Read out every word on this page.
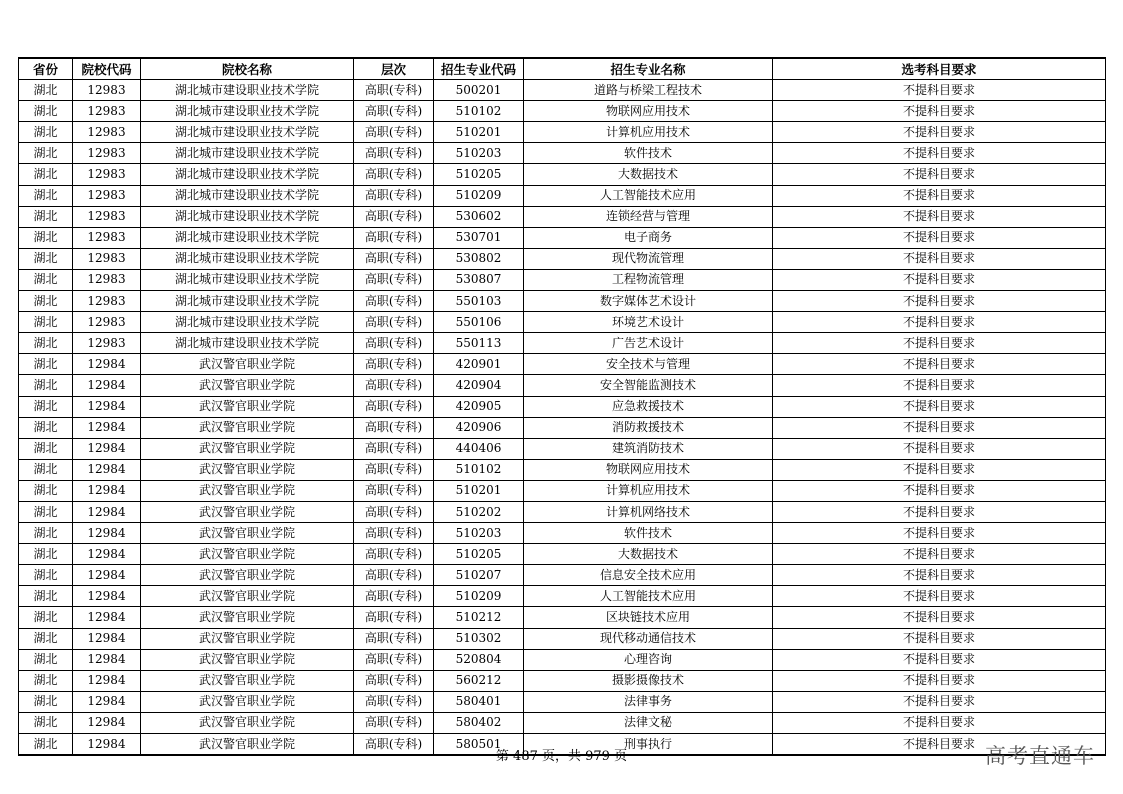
省份	院校代码	院校名称	层次	招生专业代码	招生专业名称	选考科目要求
湖北	12983	湖北城市建设职业技术学院	高职(专科)	500201	道路与桥梁工程技术	不提科目要求
湖北	12983	湖北城市建设职业技术学院	高职(专科)	510102	物联网应用技术	不提科目要求
湖北	12983	湖北城市建设职业技术学院	高职(专科)	510201	计算机应用技术	不提科目要求
湖北	12983	湖北城市建设职业技术学院	高职(专科)	510203	软件技术	不提科目要求
湖北	12983	湖北城市建设职业技术学院	高职(专科)	510205	大数据技术	不提科目要求
湖北	12983	湖北城市建设职业技术学院	高职(专科)	510209	人工智能技术应用	不提科目要求
湖北	12983	湖北城市建设职业技术学院	高职(专科)	530602	连锁经营与管理	不提科目要求
湖北	12983	湖北城市建设职业技术学院	高职(专科)	530701	电子商务	不提科目要求
湖北	12983	湖北城市建设职业技术学院	高职(专科)	530802	现代物流管理	不提科目要求
湖北	12983	湖北城市建设职业技术学院	高职(专科)	530807	工程物流管理	不提科目要求
湖北	12983	湖北城市建设职业技术学院	高职(专科)	550103	数字媒体艺术设计	不提科目要求
湖北	12983	湖北城市建设职业技术学院	高职(专科)	550106	环境艺术设计	不提科目要求
湖北	12983	湖北城市建设职业技术学院	高职(专科)	550113	广告艺术设计	不提科目要求
湖北	12984	武汉警官职业学院	高职(专科)	420901	安全技术与管理	不提科目要求
湖北	12984	武汉警官职业学院	高职(专科)	420904	安全智能监测技术	不提科目要求
湖北	12984	武汉警官职业学院	高职(专科)	420905	应急救援技术	不提科目要求
湖北	12984	武汉警官职业学院	高职(专科)	420906	消防救援技术	不提科目要求
湖北	12984	武汉警官职业学院	高职(专科)	440406	建筑消防技术	不提科目要求
湖北	12984	武汉警官职业学院	高职(专科)	510102	物联网应用技术	不提科目要求
湖北	12984	武汉警官职业学院	高职(专科)	510201	计算机应用技术	不提科目要求
湖北	12984	武汉警官职业学院	高职(专科)	510202	计算机网络技术	不提科目要求
湖北	12984	武汉警官职业学院	高职(专科)	510203	软件技术	不提科目要求
湖北	12984	武汉警官职业学院	高职(专科)	510205	大数据技术	不提科目要求
湖北	12984	武汉警官职业学院	高职(专科)	510207	信息安全技术应用	不提科目要求
湖北	12984	武汉警官职业学院	高职(专科)	510209	人工智能技术应用	不提科目要求
湖北	12984	武汉警官职业学院	高职(专科)	510212	区块链技术应用	不提科目要求
湖北	12984	武汉警官职业学院	高职(专科)	510302	现代移动通信技术	不提科目要求
湖北	12984	武汉警官职业学院	高职(专科)	520804	心理咨询	不提科目要求
湖北	12984	武汉警官职业学院	高职(专科)	560212	摄影摄像技术	不提科目要求
湖北	12984	武汉警官职业学院	高职(专科)	580401	法律事务	不提科目要求
湖北	12984	武汉警官职业学院	高职(专科)	580402	法律文秘	不提科目要求
湖北	12984	武汉警官职业学院	高职(专科)	580501	刑事执行	不提科目要求
第 487 页，共 979 页	高考直通车
